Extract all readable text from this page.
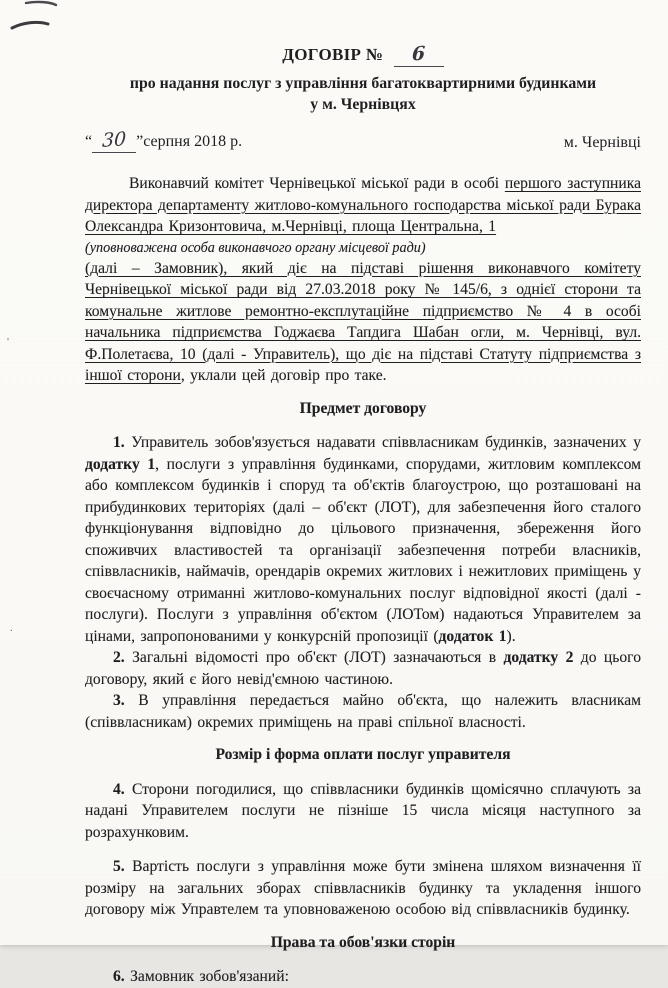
'
.
ДОГОВІР № 6
про надання послуг з управління багатоквартирними будинками
у м. Чернівцях
“ 30 ”серпня 2018 р.	м. Чернівці

Виконавчий комітет Чернівецької міської ради в особі першого заступника директора департаменту житлово-комунального господарства міської ради Бурака Олександра Кризонтовича, м.Чернівці, площа Центральна, 1

(уповноважена особа виконавчого органу місцевої ради)

(далі – Замовник), який діє на підставі рішення виконавчого комітету Чернівецької міської ради від 27.03.2018 року № 145/6, з однієї сторони та комунальне житлове ремонтно-експлутаційне підприємство № 4 в особі начальника підприємства Годжаєва Тапдига Шабан огли, м. Чернівці, вул. Ф.Полетаєва, 10 (далі - Управитель), що діє на підставі Статуту підприємства з іншої сторони, уклали цей договір про таке.

Предмет договору

1. Управитель зобов'язується надавати співвласникам будинків, зазначених у додатку 1, послуги з управління будинками, спорудами, житловим комплексом або комплексом будинків і споруд та об'єктів благоустрою, що розташовані на прибудинкових територіях (далі – об'єкт (ЛОТ), для забезпечення його сталого функціонування відповідно до цільового призначення, збереження його споживчих властивостей та організації забезпечення потреби власників, співвласників, наймачів, орендарів окремих житлових і нежитлових приміщень у своєчасному отриманні житлово-комунальних послуг відповідної якості (далі - послуги). Послуги з управління об'єктом (ЛОТом) надаються Управителем за цінами, запропонованими у конкурсній пропозиції (додаток 1).

2. Загальні відомості про об'єкт (ЛОТ) зазначаються в додатку 2 до цього договору, який є його невід'ємною частиною.

3. В управління передається майно об'єкта, що належить власникам (співвласникам) окремих приміщень на праві спільної власності.

Розмір і форма оплати послуг управителя

4. Сторони погодилися, що співвласники будинків щомісячно сплачують за надані Управителем послуги не пізніше 15 числа місяця наступного за розрахунковим.

5. Вартість послуги з управління може бути змінена шляхом визначення її розміру на загальних зборах співвласників будинку та укладення іншого договору між Управтелем та уповноваженою особою від співвласників будинку.

Права та обов'язки сторін

6. Замовник зобов'язаний:
